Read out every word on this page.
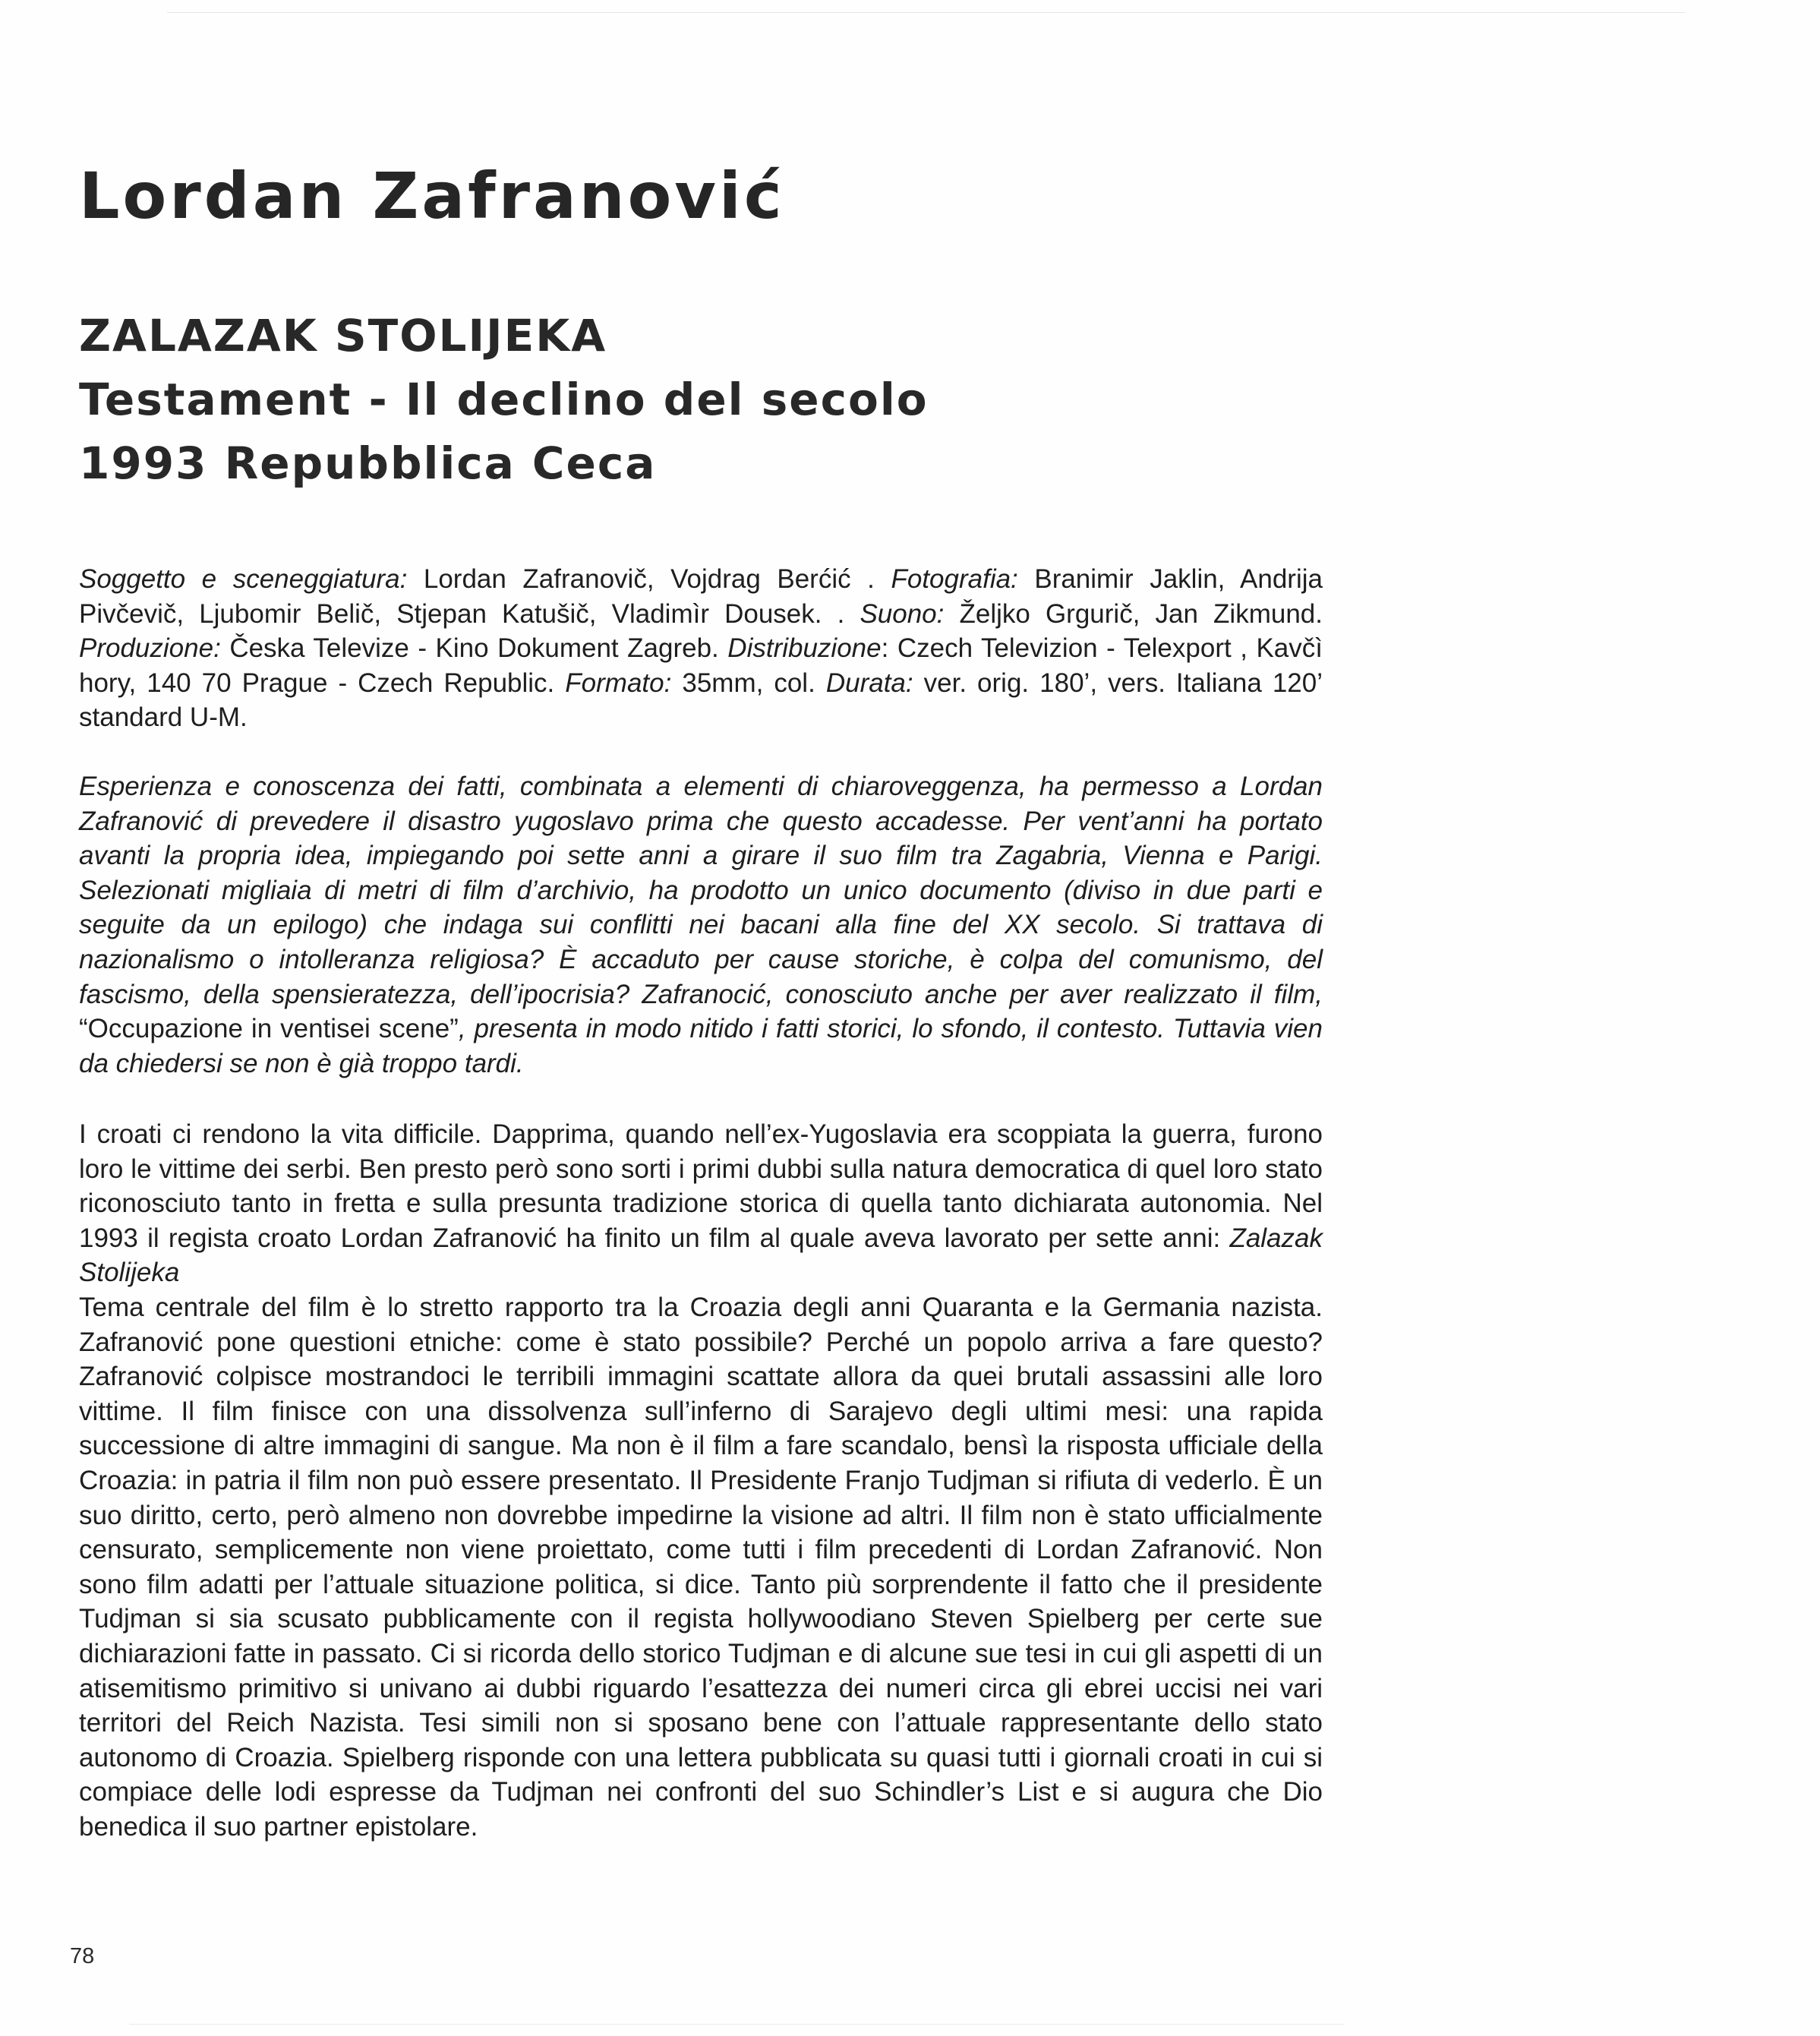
Lordan Zafranović
ZALAZAK STOLIJEKA
Testament - Il declino del secolo
1993 Repubblica Ceca

Soggetto e sceneggiatura: Lordan Zafranovič, Vojdrag Berćić . Fotografia: Branimir Jaklin, Andrija Pivčevič, Ljubomir Belič, Stjepan Katušič, Vladimìr Dousek. . Suono: Željko Grgurič, Jan Zikmund. Produzione: Česka Televize - Kino Dokument Zagreb. Distribuzione: Czech Televizion - Telexport , Kavčì hory, 140 70 Prague - Czech Republic. Formato: 35mm, col. Durata: ver. orig. 180’, vers. Italiana 120’ standard U-M.

Esperienza e conoscenza dei fatti, combinata a elementi di chiaroveggenza, ha permesso a Lordan Zafranović di prevedere il disastro yugoslavo prima che questo accadesse. Per vent’anni ha portato avanti la propria idea, impiegando poi sette anni a girare il suo film tra Zagabria, Vienna e Parigi. Selezionati migliaia di metri di film d’archivio, ha prodotto un unico documento (diviso in due parti e seguite da un epilogo) che indaga sui conflitti nei bacani alla fine del XX secolo. Si trattava di nazionalismo o intolleranza religiosa? È accaduto per cause storiche, è colpa del comunismo, del fascismo, della spensieratezza, dell’ipocrisia? Zafranocić, conosciuto anche per aver realizzato il film, “Occupazione in ventisei scene”, presenta in modo nitido i fatti storici, lo sfondo, il contesto. Tuttavia vien da chiedersi se non è già troppo tardi.

I croati ci rendono la vita difficile. Dapprima, quando nell’ex-Yugoslavia era scoppiata la guerra, furono loro le vittime dei serbi. Ben presto però sono sorti i primi dubbi sulla natura democratica di quel loro stato riconosciuto tanto in fretta e sulla presunta tradizione storica di quella tanto dichiarata autonomia. Nel 1993 il regista croato Lordan Zafranović ha finito un film al quale aveva lavorato per sette anni: Zalazak Stolijeka
Tema centrale del film è lo stretto rapporto tra la Croazia degli anni Quaranta e la Germania nazista. Zafranović pone questioni etniche: come è stato possibile? Perché un popolo arriva a fare questo? Zafranović colpisce mostrandoci le terribili immagini scattate allora da quei brutali assassini alle loro vittime. Il film finisce con una dissolvenza sull’inferno di Sarajevo degli ultimi mesi: una rapida successione di altre immagini di sangue. Ma non è il film a fare scandalo, bensì la risposta ufficiale della Croazia: in patria il film non può essere presentato. Il Presidente Franjo Tudjman si rifiuta di vederlo. È un suo diritto, certo, però almeno non dovrebbe impedirne la visione ad altri. Il film non è stato ufficialmente censurato, semplicemente non viene proiettato, come tutti i film precedenti di Lordan Zafranović. Non sono film adatti per l’attuale situazione politica, si dice. Tanto più sorprendente il fatto che il presidente Tudjman si sia scusato pubblicamente con il regista hollywoodiano Steven Spielberg per certe sue dichiarazioni fatte in passato. Ci si ricorda dello storico Tudjman e di alcune sue tesi in cui gli aspetti di un atisemitismo primitivo si univano ai dubbi riguardo l’esattezza dei numeri circa gli ebrei uccisi nei vari territori del Reich Nazista. Tesi simili non si sposano bene con l’attuale rappresentante dello stato autonomo di Croazia. Spielberg risponde con una lettera pubblicata su quasi tutti i giornali croati in cui si compiace delle lodi espresse da Tudjman nei confronti del suo Schindler’s List e si augura che Dio benedica il suo partner epistolare.
78
